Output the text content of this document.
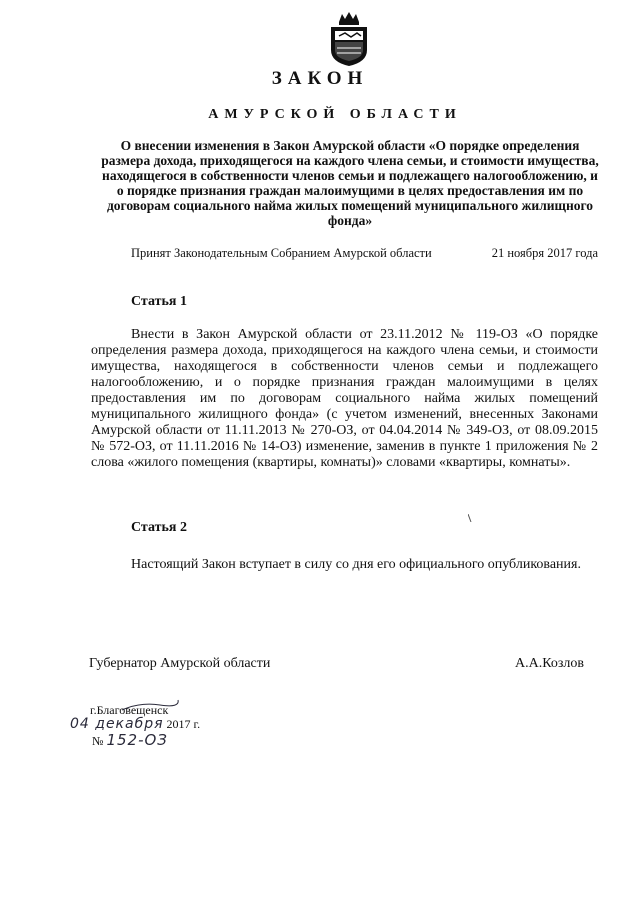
ЗАКОН
АМУРСКОЙ ОБЛАСТИ
О внесении изменения в Закон Амурской области «О порядке определения размера дохода, приходящегося на каждого члена семьи, и стоимости имущества, находящегося в собственности членов семьи и подлежащего налогообложению, и о порядке признания граждан малоимущими в целях предоставления им по договорам социального найма жилых помещений муниципального жилищного фонда»
Принят Законодательным Собранием Амурской области	21 ноября 2017 года
Статья 1
Внести в Закон Амурской области от 23.11.2012 № 119-ОЗ «О порядке определения размера дохода, приходящегося на каждого члена семьи, и стоимости имущества, находящегося в собственности членов семьи и подлежащего налогообложению, и о порядке признания граждан малоимущими в целях предоставления им по договорам социального найма жилых помещений муниципального жилищного фонда» (с учетом изменений, внесенных Законами Амурской области от 11.11.2013 № 270-ОЗ, от 04.04.2014 № 349-ОЗ, от 08.09.2015 № 572-ОЗ, от 11.11.2016 № 14-ОЗ) изменение, заменив в пункте 1 приложения № 2 слова «жилого помещения (квартиры, комнаты)» словами «квартиры, комнаты».
Статья 2
Настоящий Закон вступает в силу со дня его официального опубликования.
Губернатор Амурской области	А.А.Козлов
г.Благовещенск
04 декабря 2017 г.
№ 152-ОЗ
